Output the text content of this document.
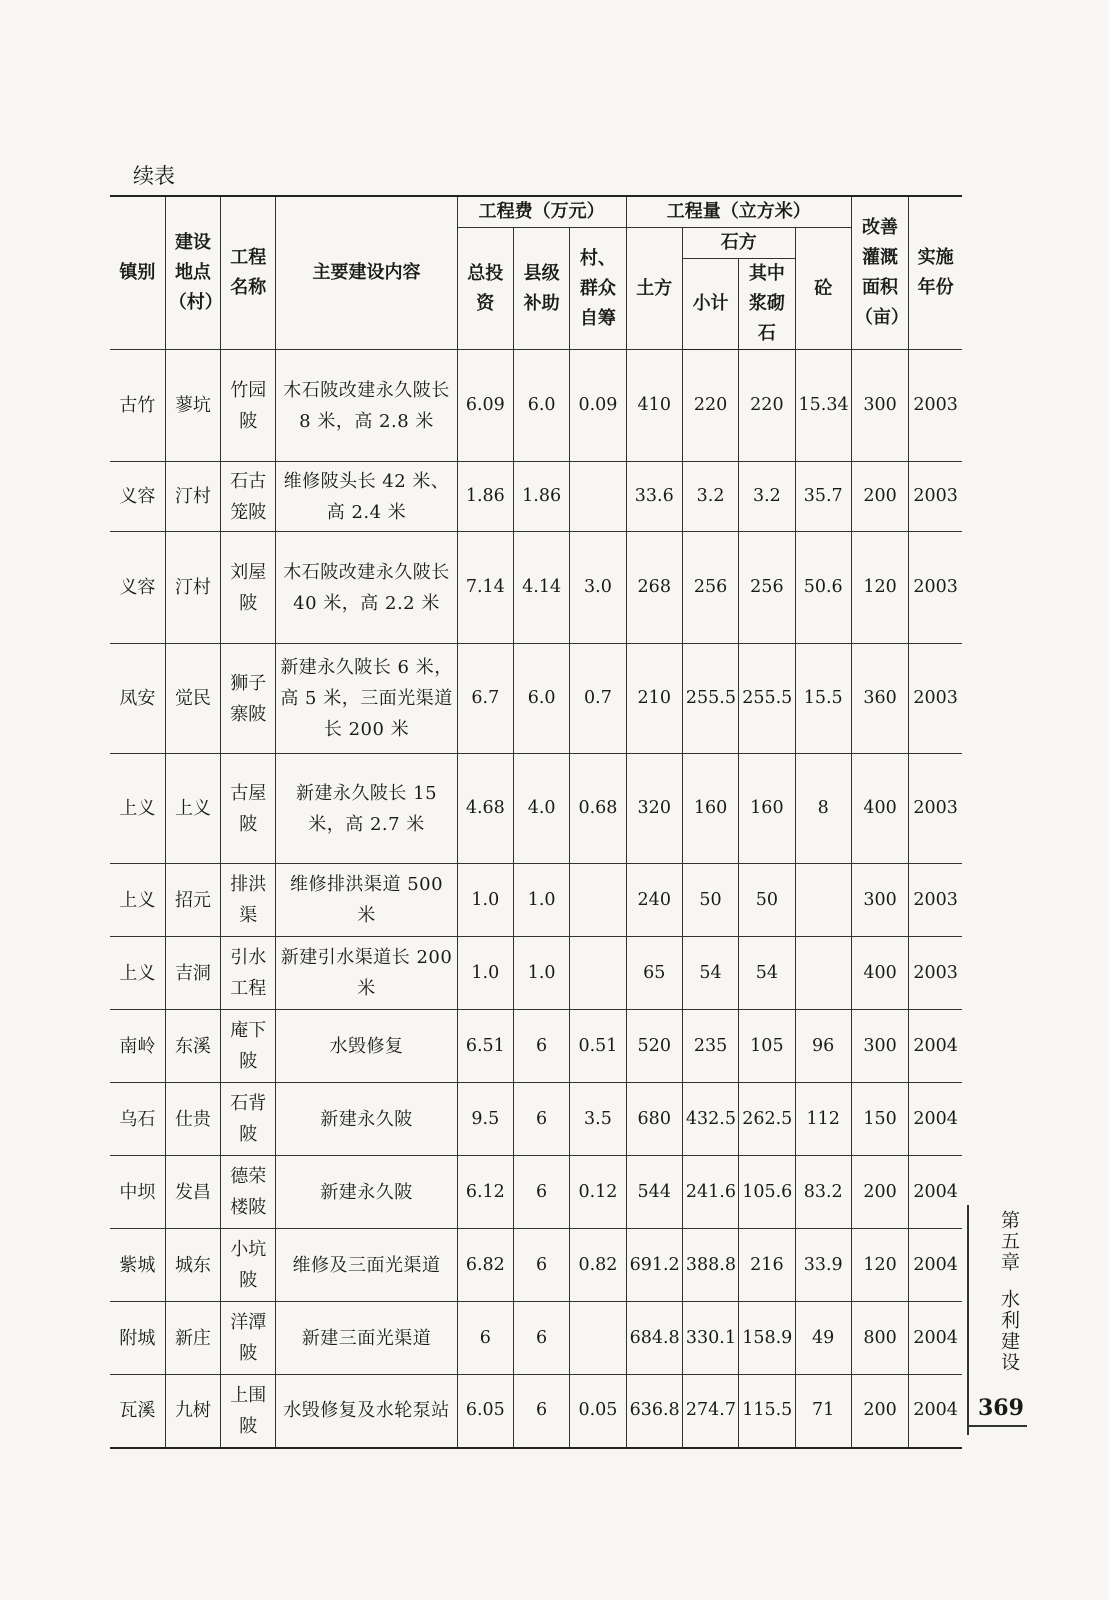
续表
镇别	建设地点（村）	工程名称	主要建设内容	工程费（万元）			工程量（立方米）				改善灌溉面积（亩）	实施年份
				总投资	县级补助	村、群众自筹	土方	石方		砼		
								小计	其中浆砌石			
古竹	蓼坑	竹园陂	木石陂改建永久陂长 8 米，高 2.8 米	6.09	6.0	0.09	410	220	220	15.34	300	2003
义容	汀村	石古笼陂	维修陂头长 42 米、高 2.4 米	1.86	1.86		33.6	3.2	3.2	35.7	200	2003
义容	汀村	刘屋陂	木石陂改建永久陂长 40 米，高 2.2 米	7.14	4.14	3.0	268	256	256	50.6	120	2003
凤安	觉民	狮子寨陂	新建永久陂长 6 米，高 5 米，三面光渠道长 200 米	6.7	6.0	0.7	210	255.5	255.5	15.5	360	2003
上义	上义	古屋陂	新建永久陂长 15 米，高 2.7 米	4.68	4.0	0.68	320	160	160	8	400	2003
上义	招元	排洪渠	维修排洪渠道 500 米	1.0	1.0		240	50	50		300	2003
上义	吉洞	引水工程	新建引水渠道长 200 米	1.0	1.0		65	54	54		400	2003
南岭	东溪	庵下陂	水毁修复	6.51	6	0.51	520	235	105	96	300	2004
乌石	仕贵	石背陂	新建永久陂	9.5	6	3.5	680	432.5	262.5	112	150	2004
中坝	发昌	德荣楼陂	新建永久陂	6.12	6	0.12	544	241.6	105.6	83.2	200	2004
紫城	城东	小坑陂	维修及三面光渠道	6.82	6	0.82	691.2	388.8	216	33.9	120	2004
附城	新庄	洋潭陂	新建三面光渠道	6	6		684.8	330.1	158.9	49	800	2004
瓦溪	九树	上围陂	水毁修复及水轮泵站	6.05	6	0.05	636.8	274.7	115.5	71	200	2004
第五章
水利建设
369
